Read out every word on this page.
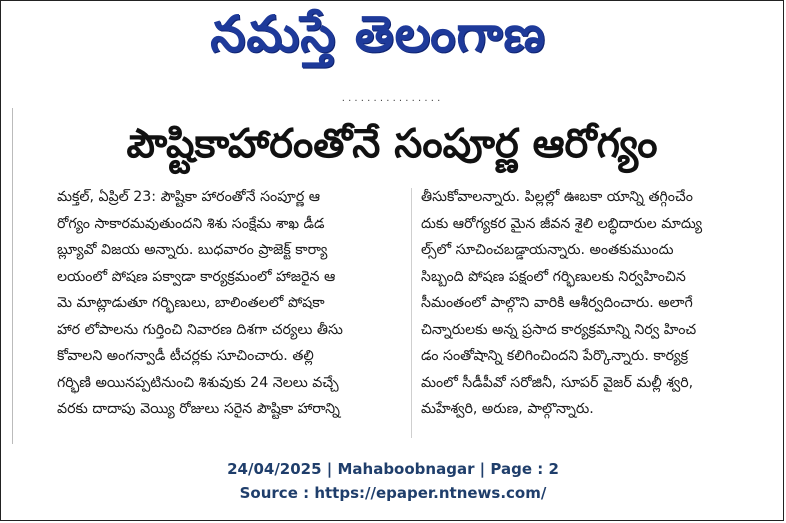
నమస్తే తెలంగాణ
· · · · · · · · · · · · · · · ·
పౌష్టికాహారంతోనే సంపూర్ణ ఆరోగ్యం
మక్తల్, ఏప్రిల్ 23: పౌష్టికా హారంతోనే సంపూర్ణ ఆ
రోగ్యం సాకారమవుతుందని శిశు సంక్షేమ శాఖ డీడ
బ్ల్యూవో విజయ అన్నారు. బుధవారం ప్రాజెక్ట్ కార్యా
లయంలో పోషణ పక్వాడా కార్యక్రమంలో హాజరైన ఆ
మె మాట్లాడుతూ గర్భిణులు, బాలింతలలో పోషకా
హార లోపాలను గుర్తించి నివారణ దిశగా చర్యలు తీసు
కోవాలని అంగన్వాడీ టీచర్లకు సూచించారు. తల్లి
గర్భిణి అయినప్పటినుంచి శిశువుకు 24 నెలలు వచ్చే
వరకు దాదాపు వెయ్యి రోజులు సరైన పౌష్టికా హారాన్ని
తీసుకోవాలన్నారు. పిల్లల్లో ఊబకా యాన్ని తగ్గించేం
దుకు ఆరోగ్యకర మైన జీవన శైలి లబ్ధిదారుల మాద్యు
ల్స్‌లో సూచించబడ్డాయన్నారు. అంతకుముందు
సిబ్బంది పోషణ పక్షంలో గర్భిణులకు నిర్వహించిన
సీమంతంలో పాల్గొని వారికి ఆశీర్వదించారు. అలాగే
చిన్నారులకు అన్న ప్రసాద కార్యక్రమాన్ని నిర్వ హించ
డం సంతోషాన్ని కలిగించిందని పేర్కొన్నారు. కార్యక్ర
మంలో సీడీపీవో సరోజినీ, సూపర్ వైజర్ మల్లీ శ్వరి,
మహేశ్వరి, అరుణ, పాల్గొన్నారు.
24/04/2025 | Mahaboobnagar | Page : 2
Source : https://epaper.ntnews.com/
